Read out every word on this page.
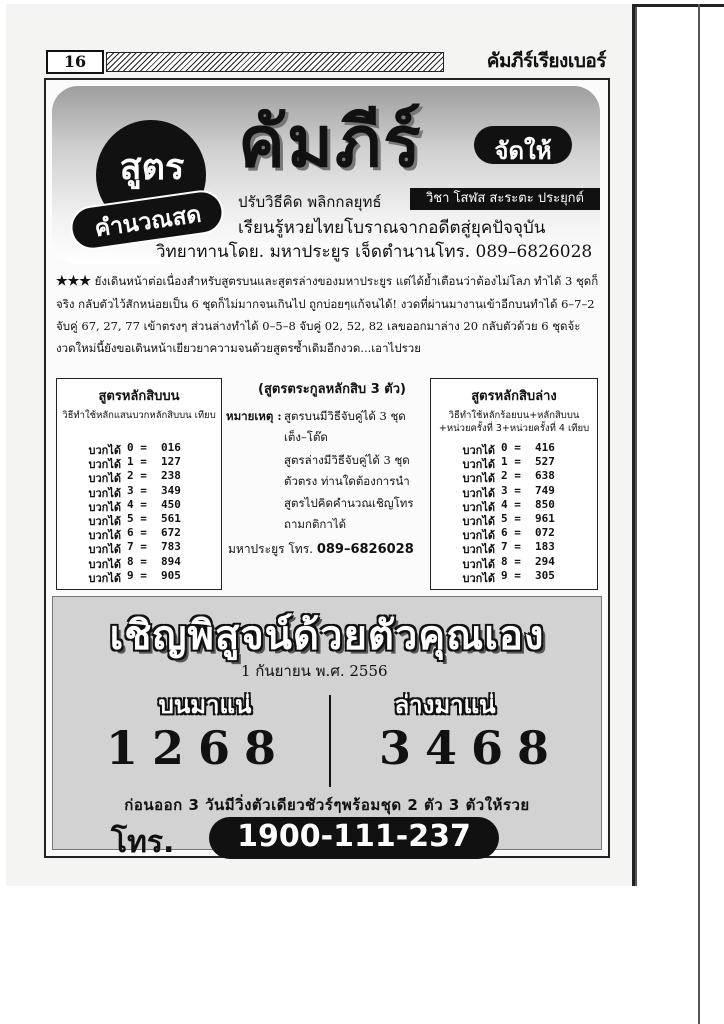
16	คัมภีร์เรียงเบอร์
สูตร
คำนวณสด
คัมภีร์	จัดให้
ปรับวิธีคิด พลิกกลยุทธ์	วิชา โสฬส สะระตะ ประยุกต์
เรียนรู้หวยไทยโบราณจากอดีตสู่ยุคปัจจุบัน
วิทยาทานโดย. มหาประยูร เจ็ดตำนานโทร. 089–6826028
★★★ ยังเดินหน้าต่อเนื่องสำหรับสูตรบนและสูตรล่างของมหาประยูร แต่ได้ย้ำเตือนว่าต้องไม่โลภ ทำได้ 3 ชุดก็จริง กลับตัวไว้สักหน่อยเป็น 6 ชุดก็ไม่มากจนเกินไป ถูกบ่อยๆแก้จนได้! งวดที่ผ่านมางานเข้าอีกบนทำได้ 6–7–2 จับคู่ 67, 27, 77 เข้าตรงๆ ส่วนล่างทำได้ 0–5–8 จับคู่ 02, 52, 82 เลขออกมาล่าง 20 กลับตัวด้วย 6 ชุดจ้ะ งวดใหม่นี้ยังขอเดินหน้าเยียวยาความจนด้วยสูตรซ้ำเดิมอีกงวด...เอาไปรวย
สูตรหลักสิบบน
วิธีทำใช้หลักแสนบวกหลักสิบบน เทียบ
บวกได้ 0 =	016
บวกได้ 1 =	127
บวกได้ 2 =	238
บวกได้ 3 =	349
บวกได้ 4 =	450
บวกได้ 5 =	561
บวกได้ 6 =	672
บวกได้ 7 =	783
บวกได้ 8 =	894
บวกได้ 9 =	905
(สูตรตระกูลหลักสิบ 3 ตัว)
หมายเหตุ : สูตรบนมีวิธีจับคู่ได้ 3 ชุด
เต็ง–โต๊ด
สูตรล่างมีวิธีจับคู่ได้ 3 ชุด
ตัวตรง ท่านใดต้องการนำ
สูตรไปคิดคำนวณเชิญโทร
ถามกติกาได้
มหาประยูร โทร. 089–6826028
สูตรหลักสิบล่าง
วิธีทำใช้หลักร้อยบน+หลักสิบบน +หน่วยครั้งที่ 3+หน่วยครั้งที่ 4 เทียบ
บวกได้ 0 =	416
บวกได้ 1 =	527
บวกได้ 2 =	638
บวกได้ 3 =	749
บวกได้ 4 =	850
บวกได้ 5 =	961
บวกได้ 6 =	072
บวกได้ 7 =	183
บวกได้ 8 =	294
บวกได้ 9 =	305
เชิญพิสูจน์ด้วยตัวคุณเอง
1 กันยายน พ.ศ. 2556
บนมาแน่	ล่างมาแน่
1268 3468
ก่อนออก 3 วันมีวิ่งตัวเดียวชัวร์ๆพร้อมชุด 2 ตัว 3 ตัวให้รวย
โทร.	1900-111-237
